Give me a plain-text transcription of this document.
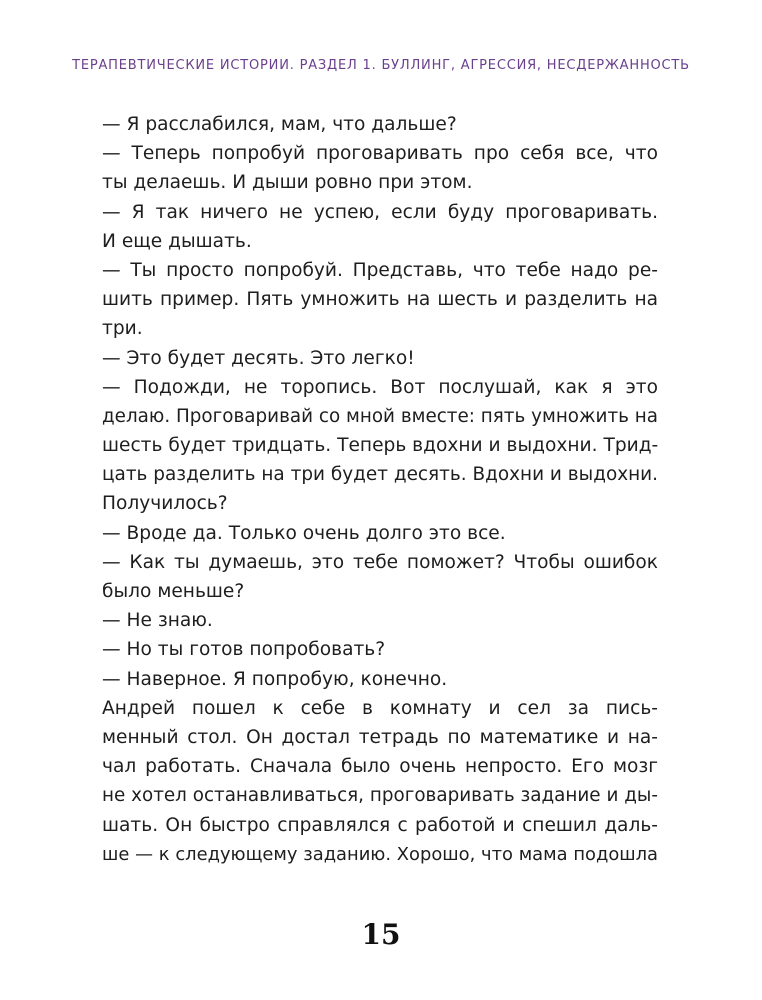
ТЕРАПЕВТИЧЕСКИЕ ИСТОРИИ. РАЗДЕЛ 1. БУЛЛИНГ, АГРЕССИЯ, НЕСДЕРЖАННОСТЬ
— Я расслабился, мам, что дальше?
— Теперь попробуй проговаривать про себя все, что
ты делаешь. И дыши ровно при этом.
— Я так ничего не успею, если буду проговаривать.
И еще дышать.
— Ты просто попробуй. Представь, что тебе надо ре-
шить пример. Пять умножить на шесть и разделить на
три.
— Это будет десять. Это легко!
— Подожди, не торопись. Вот послушай, как я это
делаю. Проговаривай со мной вместе: пять умножить на
шесть будет тридцать. Теперь вдохни и выдохни. Трид-
цать разделить на три будет десять. Вдохни и выдохни.
Получилось?
— Вроде да. Только очень долго это все.
— Как ты думаешь, это тебе поможет? Чтобы ошибок
было меньше?
— Не знаю.
— Но ты готов попробовать?
— Наверное. Я попробую, конечно.
Андрей пошел к себе в комнату и сел за пись-
менный стол. Он достал тетрадь по математике и на-
чал работать. Сначала было очень непросто. Его мозг
не хотел останавливаться, проговаривать задание и ды-
шать. Он быстро справлялся с работой и спешил даль-
ше — к следующему заданию. Хорошо, что мама подошла
15
